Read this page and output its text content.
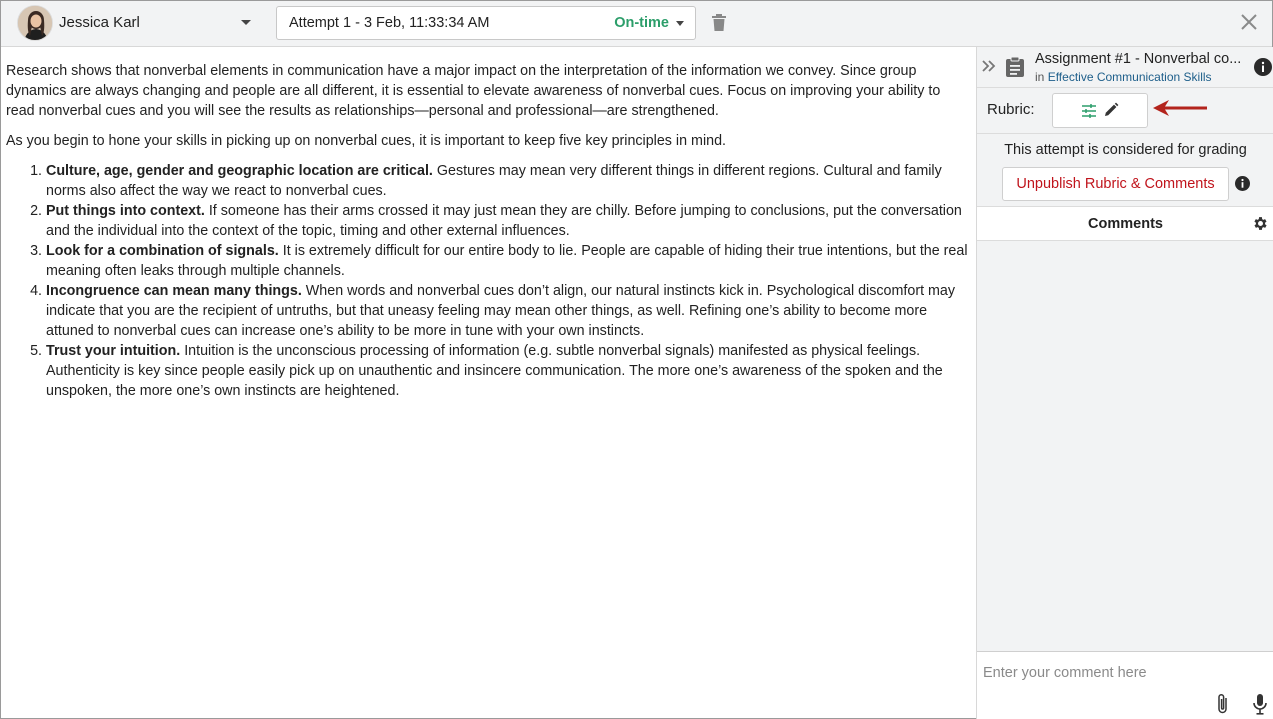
Jessica Karl	Attempt 1 - 3 Feb, 11:33:34 AM	On-time

Research shows that nonverbal elements in communication have a major impact on the interpretation of the information we convey. Since group dynamics are always changing and people are all different, it is essential to elevate awareness of nonverbal cues. Focus on improving your ability to read nonverbal cues and you will see the results as relationships—personal and professional—are strengthened.

As you begin to hone your skills in picking up on nonverbal cues, it is important to keep five key principles in mind.

1. Culture, age, gender and geographic location are critical. Gestures may mean very different things in different regions. Cultural and family norms also affect the way we react to nonverbal cues.
2. Put things into context. If someone has their arms crossed it may just mean they are chilly. Before jumping to conclusions, put the conversation and the individual into the context of the topic, timing and other external influences.
3. Look for a combination of signals. It is extremely difficult for our entire body to lie. People are capable of hiding their true intentions, but the real meaning often leaks through multiple channels.
4. Incongruence can mean many things. When words and nonverbal cues don’t align, our natural instincts kick in. Psychological discomfort may indicate that you are the recipient of untruths, but that uneasy feeling may mean other things, as well. Refining one’s ability to become more attuned to nonverbal cues can increase one’s ability to be more in tune with your own instincts.
5. Trust your intuition. Intuition is the unconscious processing of information (e.g. subtle nonverbal signals) manifested as physical feelings. Authenticity is key since people easily pick up on unauthentic and insincere communication. The more one’s awareness of the spoken and the unspoken, the more one’s own instincts are heightened.
Assignment #1 - Nonverbal co...
in Effective Communication Skills
Rubric:
This attempt is considered for grading
Unpublish Rubric & Comments
Comments
Enter your comment here
